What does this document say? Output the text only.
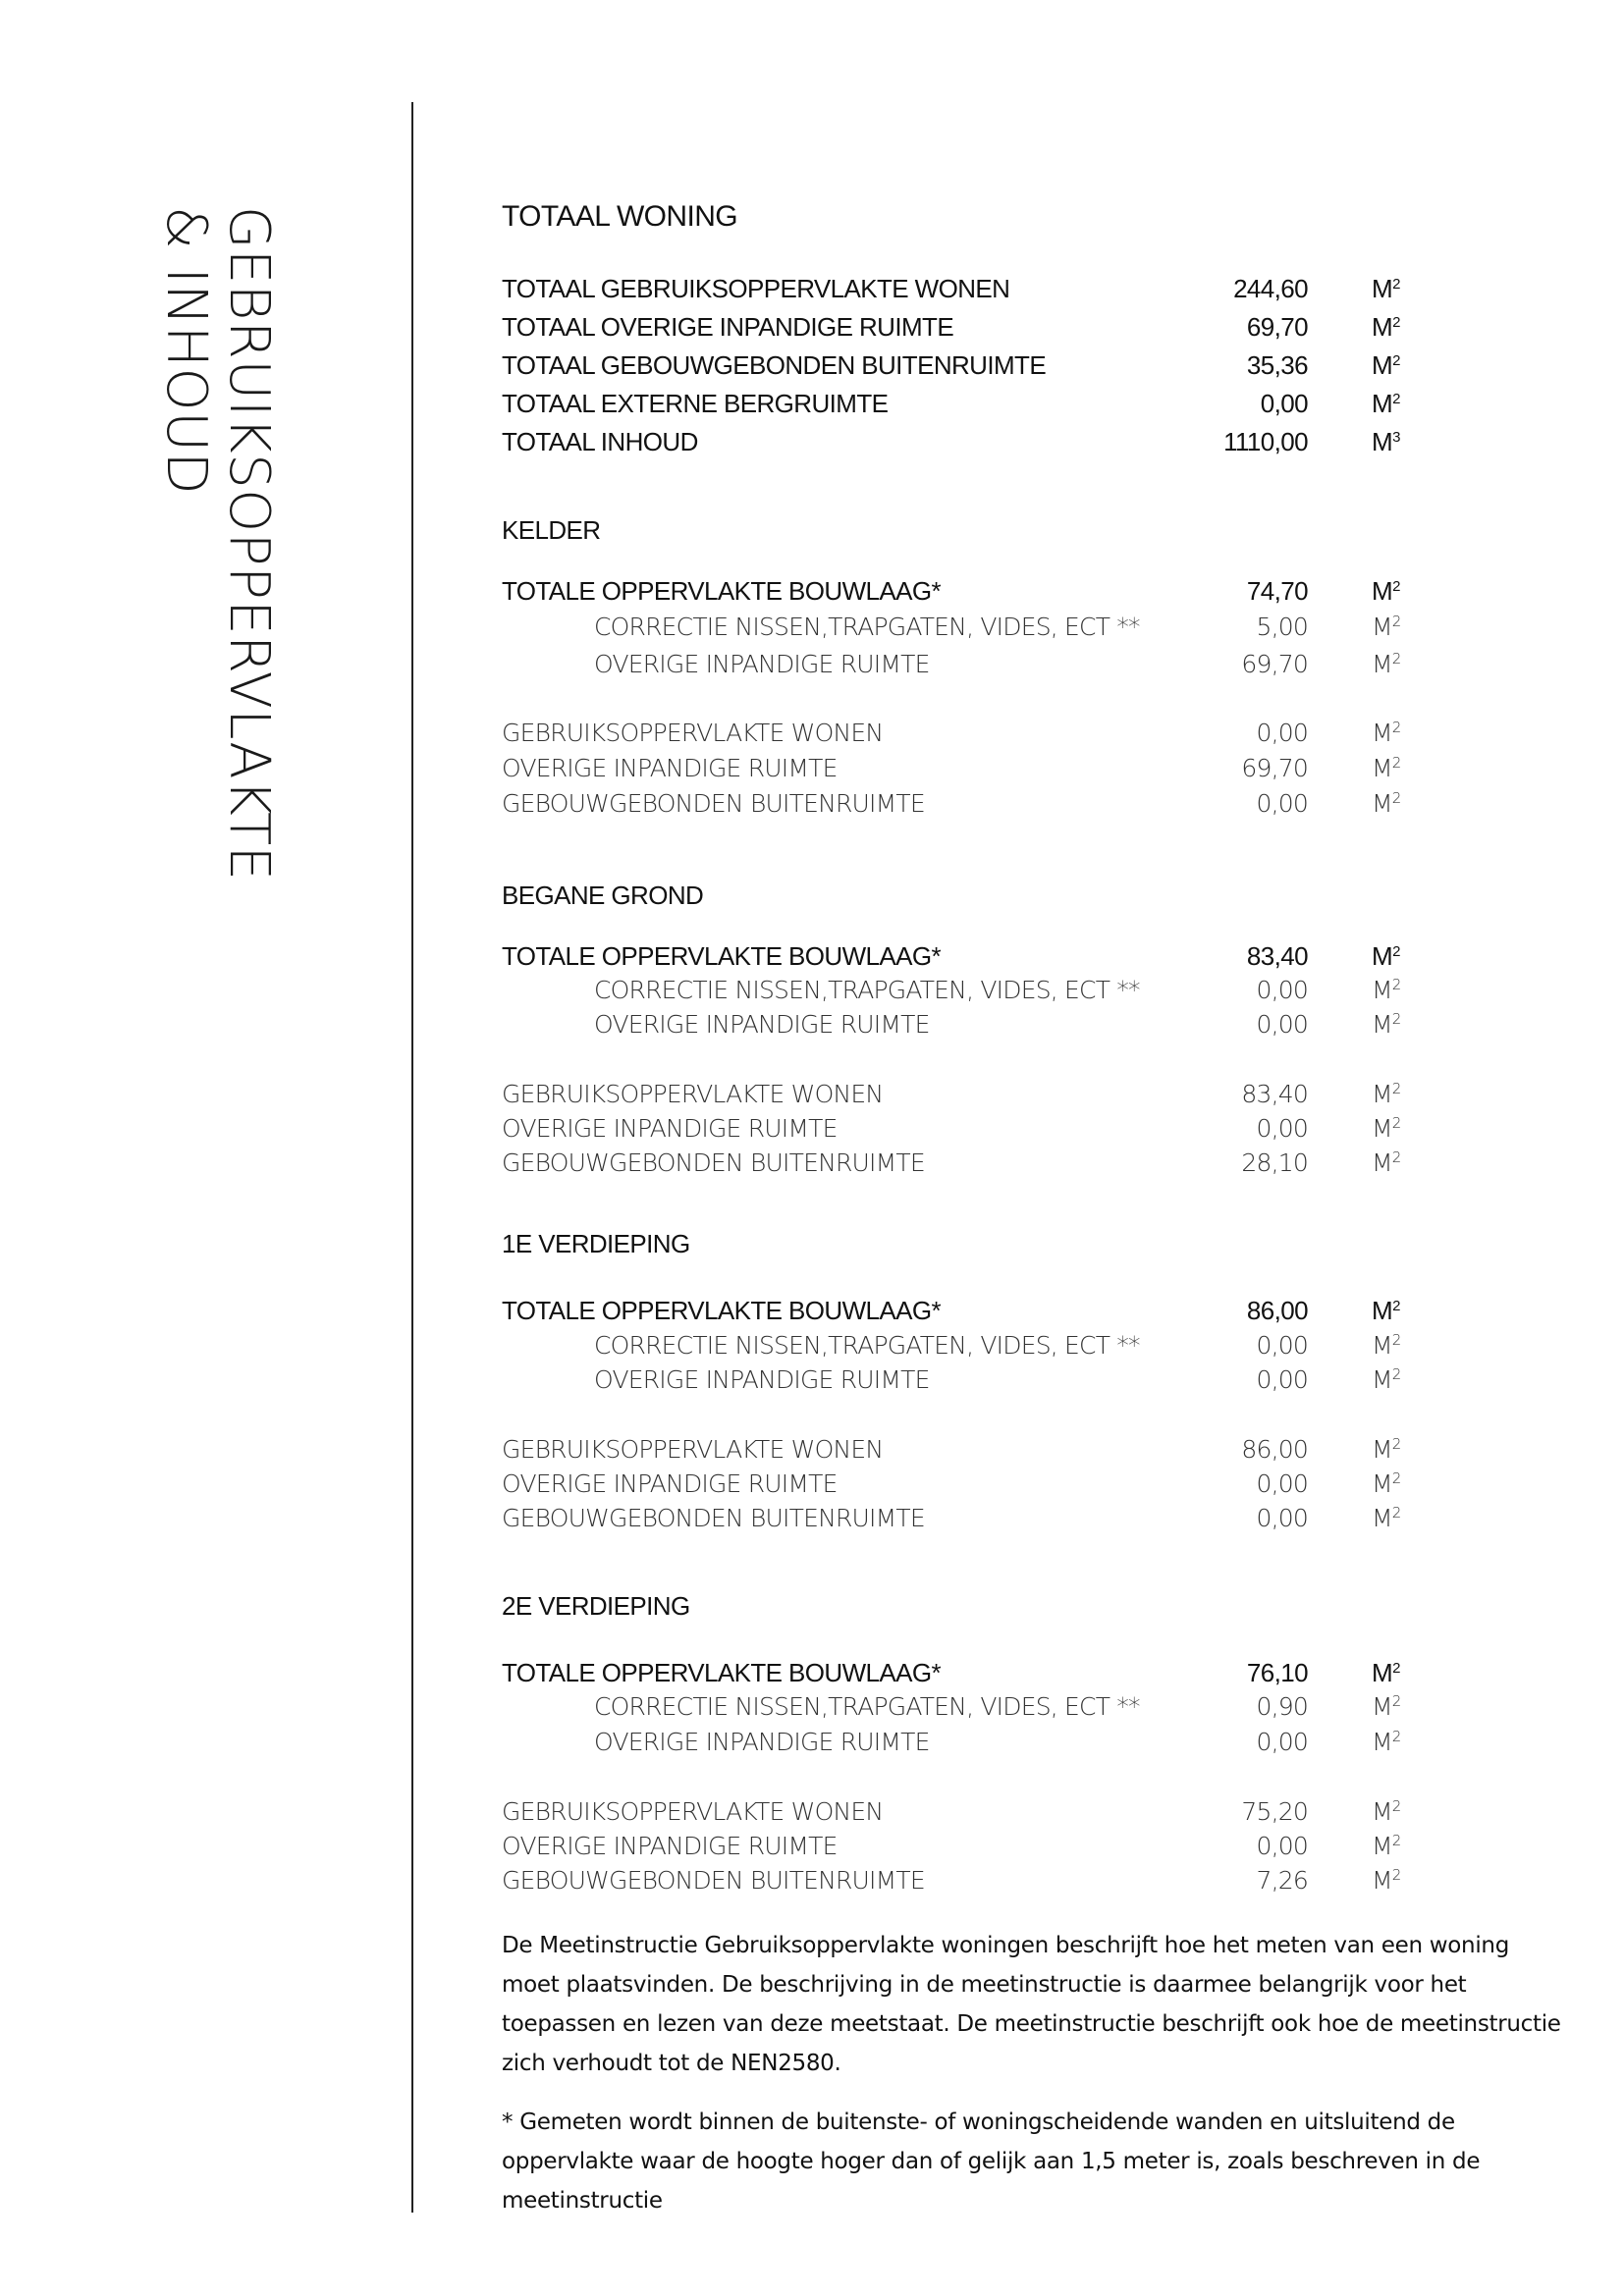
GEBRUIKSOPPERVLAKTE
& INHOUD	TOTAAL WONING
TOTAAL GEBRUIKSOPPERVLAKTE WONEN	244,60	$M^2$
TOTAAL OVERIGE INPANDIGE RUIMTE	69,70	$M^2$
TOTAAL GEBOUWGEBONDEN BUITENRUIMTE	35,36	$M^2$
TOTAAL EXTERNE BERGRUIMTE	0,00	$M^2$
TOTAAL INHOUD	1110,00	$M^3$
KELDER
TOTALE OPPERVLAKTE BOUWLAAG*	74,70	$M^2$
CORRECTIE NISSEN,TRAPGATEN, VIDES, ECT **	5,00	$M^2$
OVERIGE INPANDIGE RUIMTE	69,70	$M^2$
GEBRUIKSOPPERVLAKTE WONEN	0,00	$M^2$
OVERIGE INPANDIGE RUIMTE	69,70	$M^2$
GEBOUWGEBONDEN BUITENRUIMTE	0,00	$M^2$
BEGANE GROND
TOTALE OPPERVLAKTE BOUWLAAG*	83,40	$M^2$
CORRECTIE NISSEN,TRAPGATEN, VIDES, ECT **	0,00	$M^2$
OVERIGE INPANDIGE RUIMTE	0,00	$M^2$
GEBRUIKSOPPERVLAKTE WONEN	83,40	$M^2$
OVERIGE INPANDIGE RUIMTE	0,00	$M^2$
GEBOUWGEBONDEN BUITENRUIMTE	28,10	$M^2$
1E VERDIEPING
TOTALE OPPERVLAKTE BOUWLAAG*	86,00	$M^2$
CORRECTIE NISSEN,TRAPGATEN, VIDES, ECT **	0,00	$M^2$
OVERIGE INPANDIGE RUIMTE	0,00	$M^2$
GEBRUIKSOPPERVLAKTE WONEN	86,00	$M^2$
OVERIGE INPANDIGE RUIMTE	0,00	$M^2$
GEBOUWGEBONDEN BUITENRUIMTE	0,00	$M^2$
2E VERDIEPING
TOTALE OPPERVLAKTE BOUWLAAG*	76,10	$M^2$
CORRECTIE NISSEN,TRAPGATEN, VIDES, ECT **	0,90	$M^2$
OVERIGE INPANDIGE RUIMTE	0,00	$M^2$
GEBRUIKSOPPERVLAKTE WONEN	75,20	$M^2$
OVERIGE INPANDIGE RUIMTE	0,00	$M^2$
GEBOUWGEBONDEN BUITENRUIMTE	7,26	$M^2$
De Meetinstructie Gebruiksoppervlakte woningen beschrijft hoe het meten van een woning moet plaatsvinden. De beschrijving in de meetinstructie is daarmee belangrijk voor het toepassen en lezen van deze meetstaat. De meetinstructie beschrijft ook hoe de meetinstructie zich verhoudt tot de NEN2580.
* Gemeten wordt binnen de buitenste- of woningscheidende wanden en uitsluitend de oppervlakte waar de hoogte hoger dan of gelijk aan 1,5 meter is, zoals beschreven in de meetinstructie
